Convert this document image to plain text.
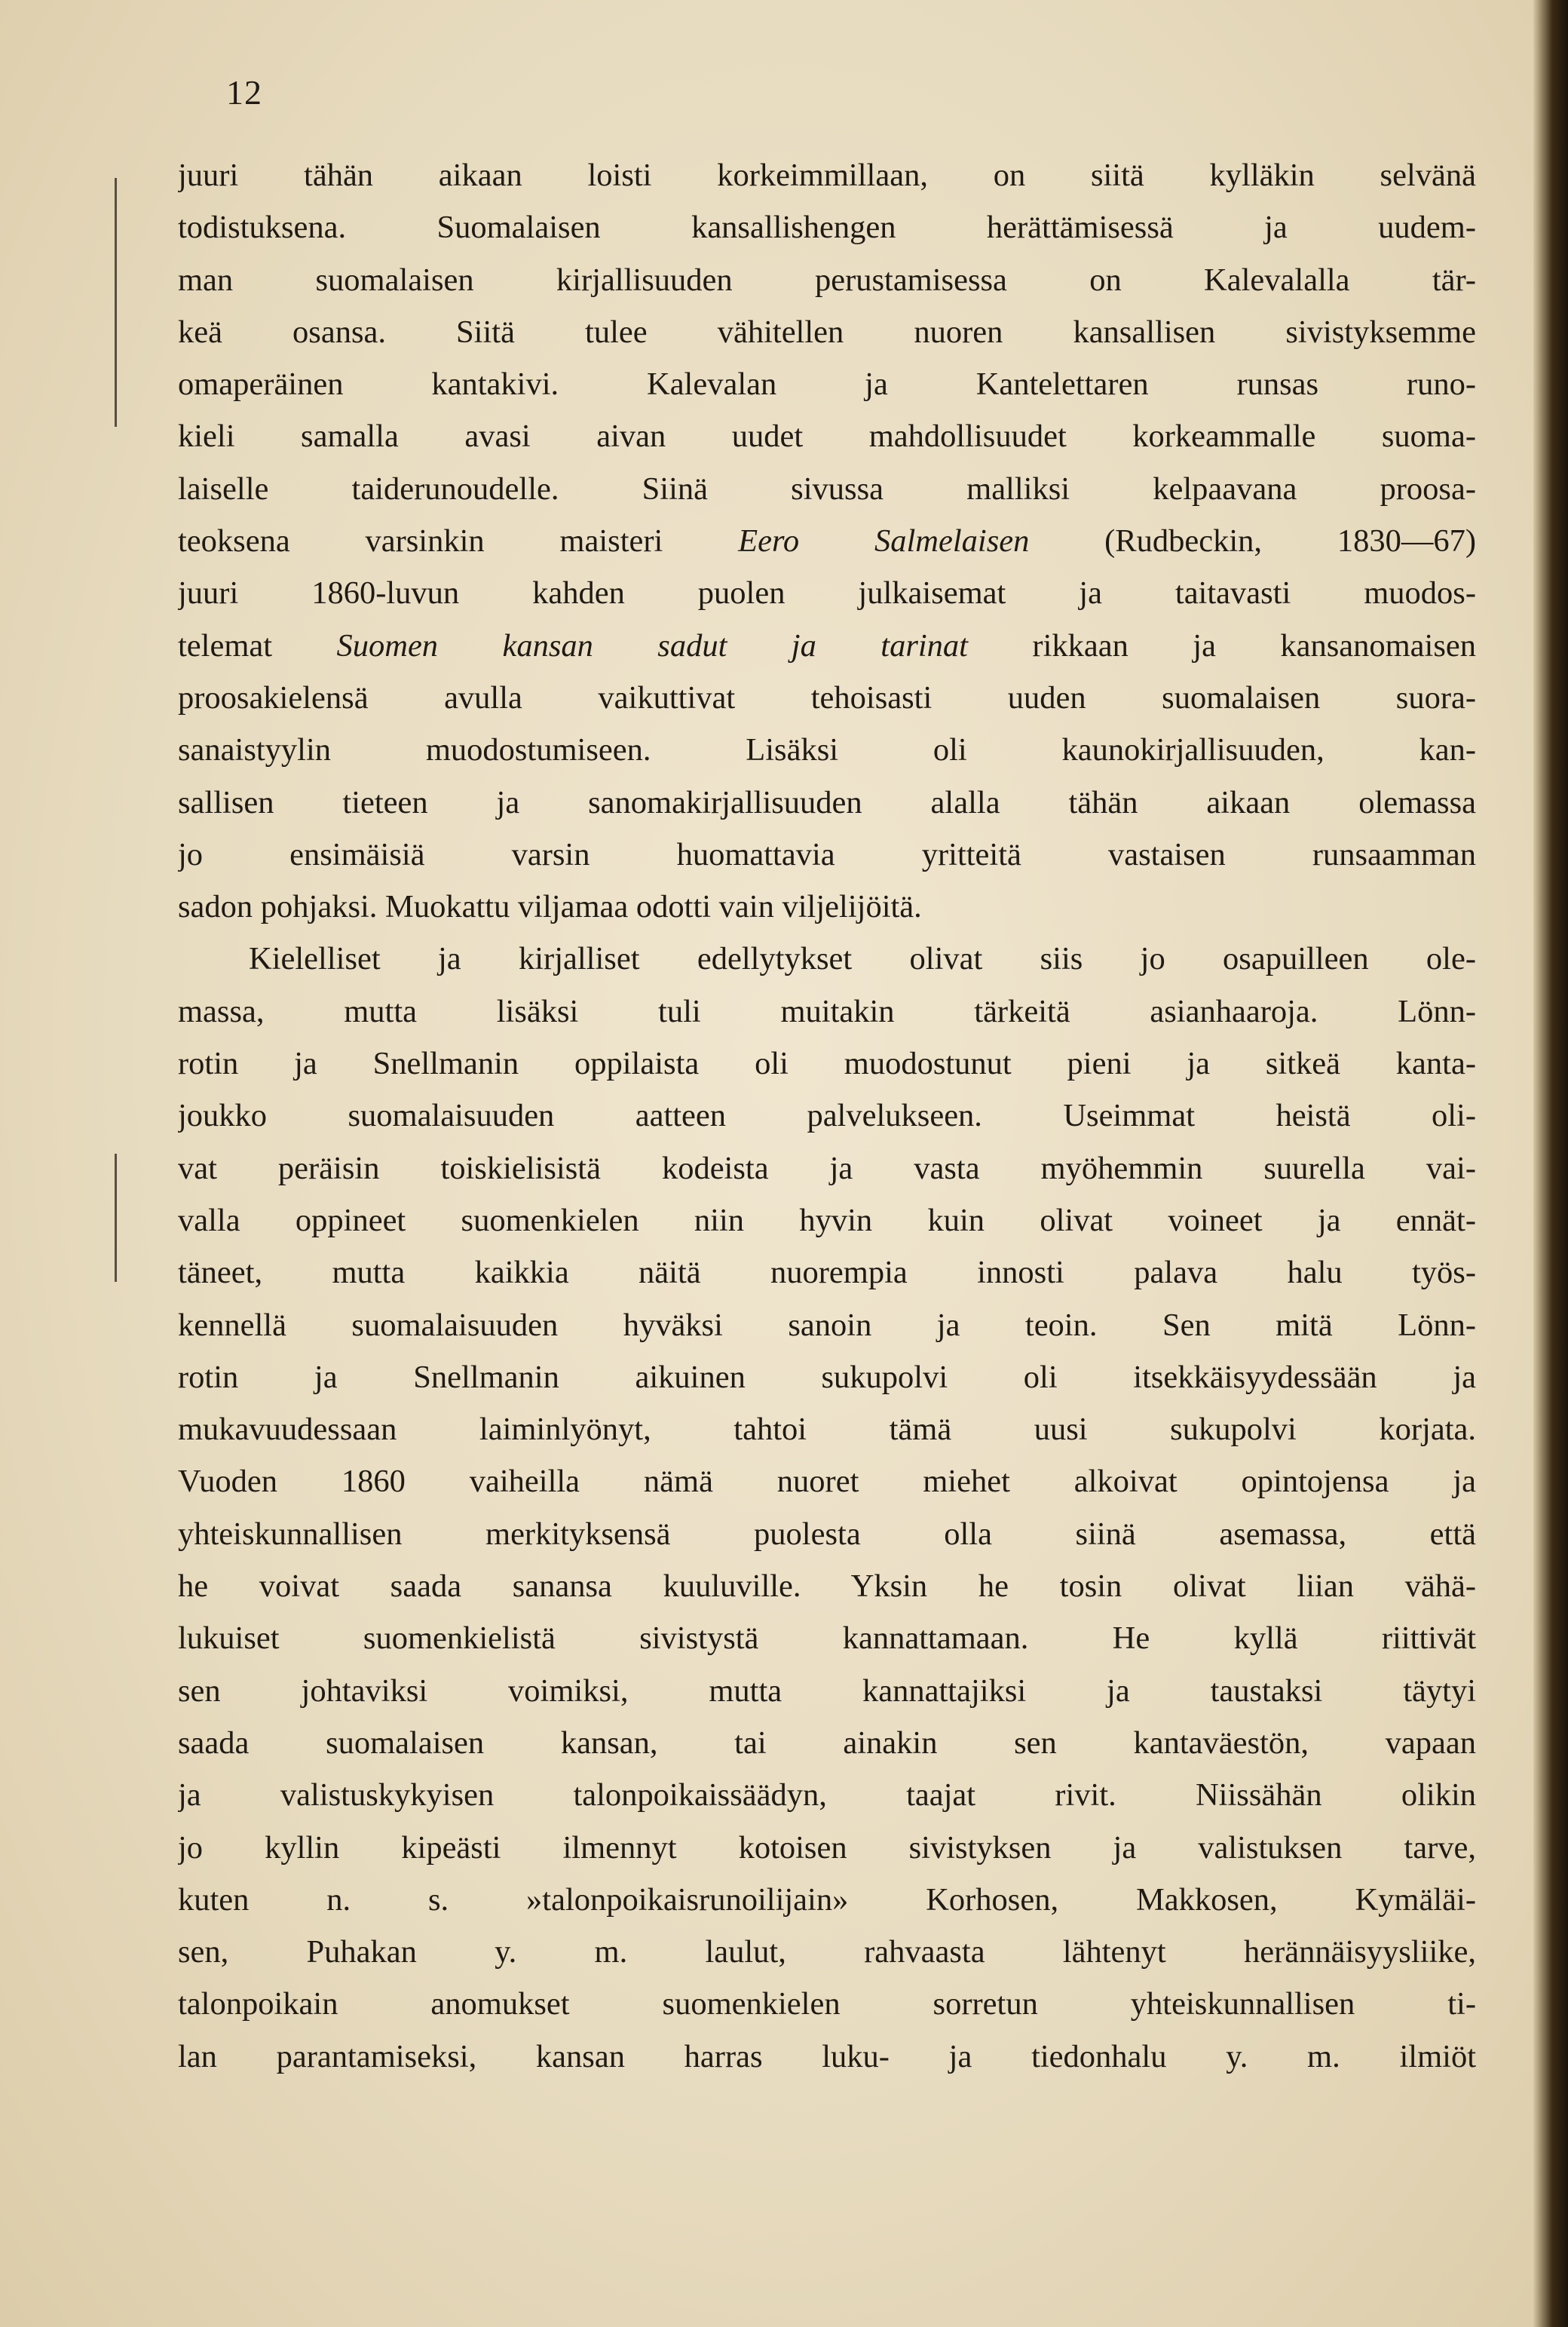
12
juuri tähän aikaan loisti korkeimmillaan, on siitä kylläkin selvänä
todistuksena. Suomalaisen kansallishengen herättämisessä ja uudem-
man suomalaisen kirjallisuuden perustamisessa on Kalevalalla tär-
keä osansa. Siitä tulee vähitellen nuoren kansallisen sivistyksemme
omaperäinen kantakivi. Kalevalan ja Kantelettaren runsas runo-
kieli samalla avasi aivan uudet mahdollisuudet korkeammalle suoma-
laiselle taiderunoudelle. Siinä sivussa malliksi kelpaavana proosa-
teoksena varsinkin maisteri Eero Salmelaisen (Rudbeckin, 1830—67)
juuri 1860-luvun kahden puolen julkaisemat ja taitavasti muodos-
telemat Suomen kansan sadut ja tarinat rikkaan ja kansanomaisen
proosakielensä avulla vaikuttivat tehoisasti uuden suomalaisen suora-
sanaistyylin muodostumiseen. Lisäksi oli kaunokirjallisuuden, kan-
sallisen tieteen ja sanomakirjallisuuden alalla tähän aikaan olemassa
jo ensimäisiä varsin huomattavia yritteitä vastaisen runsaamman
sadon pohjaksi. Muokattu viljamaa odotti vain viljelijöitä.
Kielelliset ja kirjalliset edellytykset olivat siis jo osapuilleen ole-
massa, mutta lisäksi tuli muitakin tärkeitä asianhaaroja. Lönn-
rotin ja Snellmanin oppilaista oli muodostunut pieni ja sitkeä kanta-
joukko suomalaisuuden aatteen palvelukseen. Useimmat heistä oli-
vat peräisin toiskielisistä kodeista ja vasta myöhemmin suurella vai-
valla oppineet suomenkielen niin hyvin kuin olivat voineet ja ennät-
täneet, mutta kaikkia näitä nuorempia innosti palava halu työs-
kennellä suomalaisuuden hyväksi sanoin ja teoin. Sen mitä Lönn-
rotin ja Snellmanin aikuinen sukupolvi oli itsekkäisyydessään ja
mukavuudessaan laiminlyönyt, tahtoi tämä uusi sukupolvi korjata.
Vuoden 1860 vaiheilla nämä nuoret miehet alkoivat opintojensa ja
yhteiskunnallisen merkityksensä puolesta olla siinä asemassa, että
he voivat saada sanansa kuuluville. Yksin he tosin olivat liian vähä-
lukuiset suomenkielistä sivistystä kannattamaan. He kyllä riittivät
sen johtaviksi voimiksi, mutta kannattajiksi ja taustaksi täytyi
saada suomalaisen kansan, tai ainakin sen kantaväestön, vapaan
ja valistuskykyisen talonpoikaissäädyn, taajat rivit. Niissähän olikin
jo kyllin kipeästi ilmennyt kotoisen sivistyksen ja valistuksen tarve,
kuten n. s. »talonpoikaisrunoilijain» Korhosen, Makkosen, Kymäläi-
sen, Puhakan y. m. laulut, rahvaasta lähtenyt herännäisyysliike,
talonpoikain anomukset suomenkielen sorretun yhteiskunnallisen ti-
lan parantamiseksi, kansan harras luku- ja tiedonhalu y. m. ilmiöt
